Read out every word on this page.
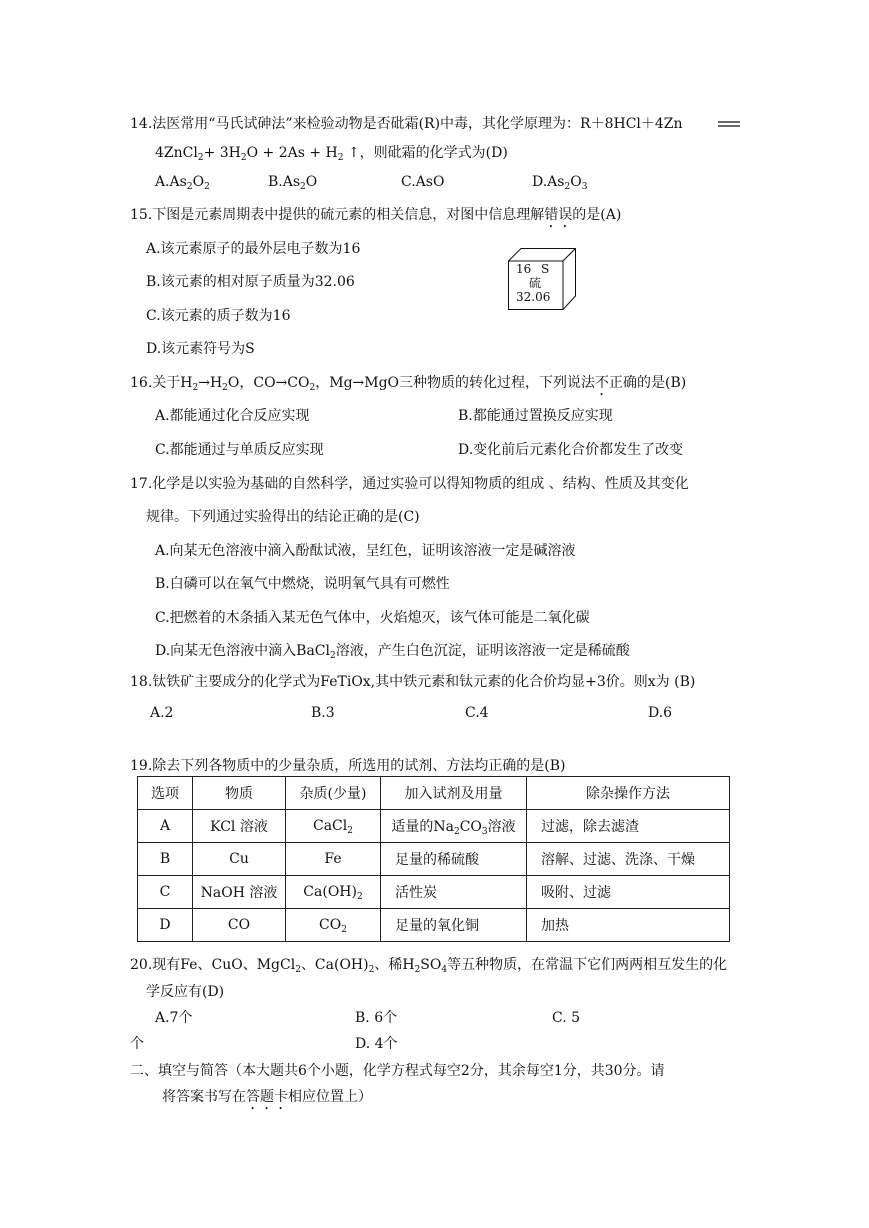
14.法医常用“马氏试砷法”来检验动物是否砒霜(R)中毒，其化学原理为：R＋8HCl＋4Zn
4ZnCl$_2$+ $3H_2O + 2As + H_2$ ↑，则砒霜的化学式为(D)
$A.As_2O_2$	$B.As_2O$	C.AsO	$D.As_2O_3$
15.下图是元素周期表中提供的硫元素的相关信息，对图中信息理解错误的是(A)
A.该元素原子的最外层电子数为16
B.该元素的相对原子质量为32.06
C.该元素的质子数为16
D.该元素符号为S
16 S
硫
32.06
16.关于$H_2\to H_2O$，$CO\to CO_2$，Mg→MgO三种物质的转化过程，下列说法不正确的是(B)
A.都能通过化合反应实现	B.都能通过置换反应实现
C.都能通过与单质反应实现	D.变化前后元素化合价都发生了改变
17.化学是以实验为基础的自然科学，通过实验可以得知物质的组成 、结构、性质及其变化
规律。下列通过实验得出的结论正确的是(C)
A.向某无色溶液中滴入酚酞试液，呈红色，证明该溶液一定是碱溶液
B.白磷可以在氧气中燃烧，说明氧气具有可燃性
C.把燃着的木条插入某无色气体中，火焰熄灭，该气体可能是二氧化碳
D.向某无色溶液中滴入BaCl$_2$溶液，产生白色沉淀，证明该溶液一定是稀硫酸
18.钛铁矿主要成分的化学式为FeTiOx,其中铁元素和钛元素的化合价均显+3价。则x为 (B)
A.2	B.3	C.4	D.6
19.除去下列各物质中的少量杂质，所选用的试剂、方法均正确的是(B)
选项	物质	杂质(少量)	加入试剂及用量	除杂操作方法
A	KCl 溶液	CaCl$_2$	适量的$Na_2CO_3$溶液	过滤，除去滤渣
B	Cu	Fe	足量的稀硫酸	溶解、过滤、洗涤、干燥
C	NaOH 溶液	$Ca(OH)_2$	活性炭	吸附、过滤
D	CO	$CO_2$	足量的氧化铜	加热
20.现有Fe、CuO、MgCl$_2$、$Ca(OH)_2$、稀$H_2SO_4$等五种物质，在常温下它们两两相互发生的化
学反应有(D)
A.7个	B. 6个	C. 5
个	D. 4个
二、填空与简答（本大题共6个小题，化学方程式每空2分，其余每空1分，共30分。请
将答案书写在答题卡相应位置上）
